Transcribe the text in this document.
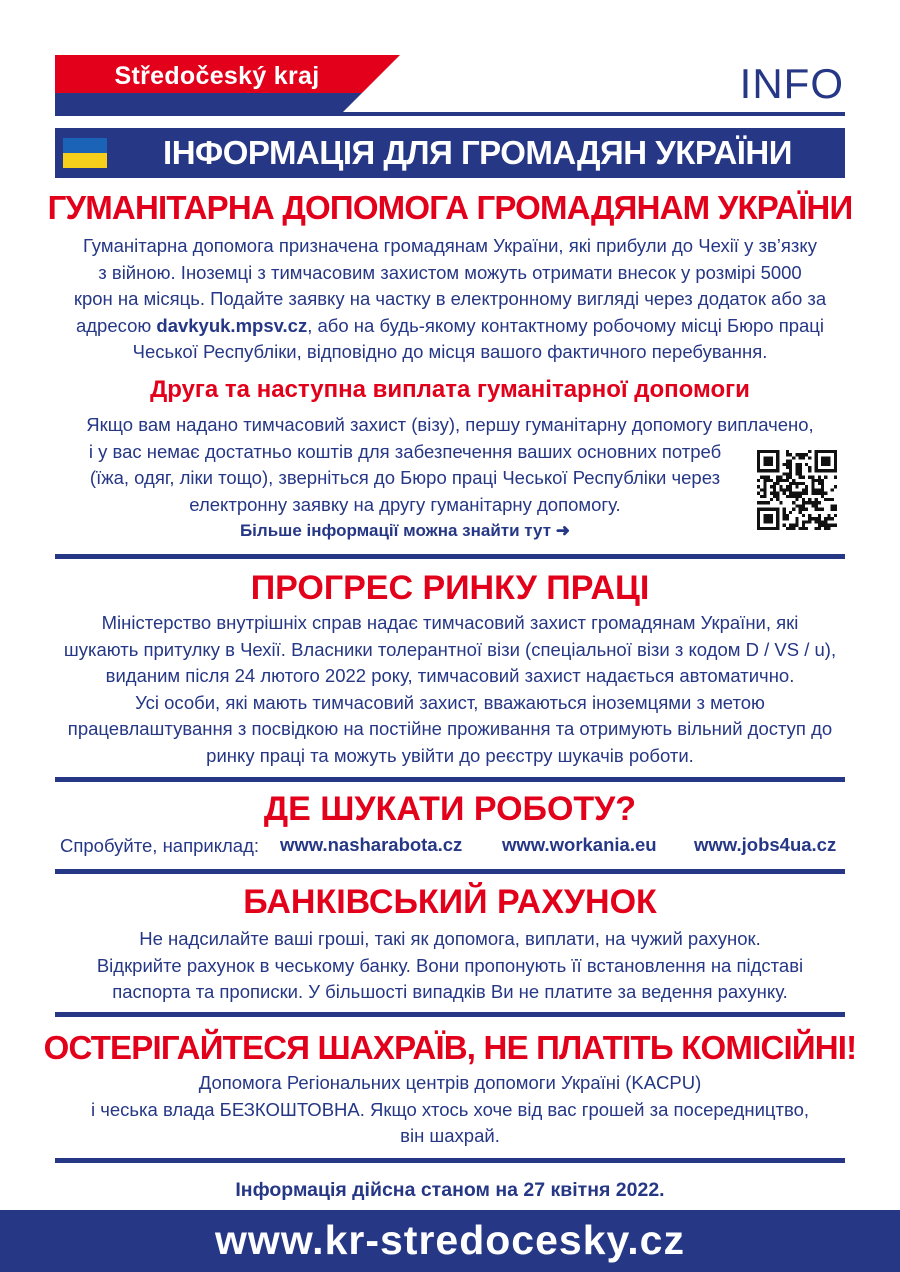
Středočeský kraj	INFO
ІНФОРМАЦІЯ ДЛЯ ГРОМАДЯН УКРАЇНИ
ГУМАНІТАРНА ДОПОМОГА ГРОМАДЯНАМ УКРАЇНИ
Гуманітарна допомога призначена громадянам України, які прибули до Чехії у зв’язку
з війною. Іноземці з тимчасовим захистом можуть отримати внесок у розмірі 5000
крон на місяць. Подайте заявку на частку в електронному вигляді через додаток або за
адресою davkyuk.mpsv.cz, або на будь-якому контактному робочому місці Бюро праці
Чеської Республіки, відповідно до місця вашого фактичного перебування.
Друга та наступна виплата гуманітарної допомоги
Якщо вам надано тимчасовий захист (візу), першу гуманітарну допомогу виплачено,
і у вас немає достатньо коштів для забезпечення ваших основних потреб
(їжа, одяг, ліки тощо), зверніться до Бюро праці Чеської Республіки через
електронну заявку на другу гуманітарну допомогу.
Більше інформації можна знайти тут ➜
ПРОГРЕС РИНКУ ПРАЦІ
Міністерство внутрішніх справ надає тимчасовий захист громадянам України, які
шукають притулку в Чехії. Власники толерантної візи (спеціальної візи з кодом D / VS / u),
виданим після 24 лютого 2022 року, тимчасовий захист надається автоматично.
Усі особи, які мають тимчасовий захист, вважаються іноземцями з метою
працевлаштування з посвідкою на постійне проживання та отримують вільний доступ до
ринку праці та можуть увійти до реєстру шукачів роботи.
ДЕ ШУКАТИ РОБОТУ?
Спробуйте, наприклад: www.nasharabota.cz www.workania.eu www.jobs4ua.cz
БАНКІВСЬКИЙ РАХУНОК
Не надсилайте ваші гроші, такі як допомога, виплати, на чужий рахунок.
Відкрийте рахунок в чеському банку. Вони пропонують її встановлення на підставі
паспорта та прописки. У більшості випадків Ви не платите за ведення рахунку.
ОСТЕРІГАЙТЕСЯ ШАХРАЇВ, НЕ ПЛАТІТЬ КОМІСІЙНІ!
Допомога Регіональних центрів допомоги Україні (KACPU)
і чеська влада БЕЗКОШТОВНА. Якщо хтось хоче від вас грошей за посередництво,
він шахрай.
Інформація дійсна станом на 27 квітня 2022.
www.kr-stredocesky.cz
